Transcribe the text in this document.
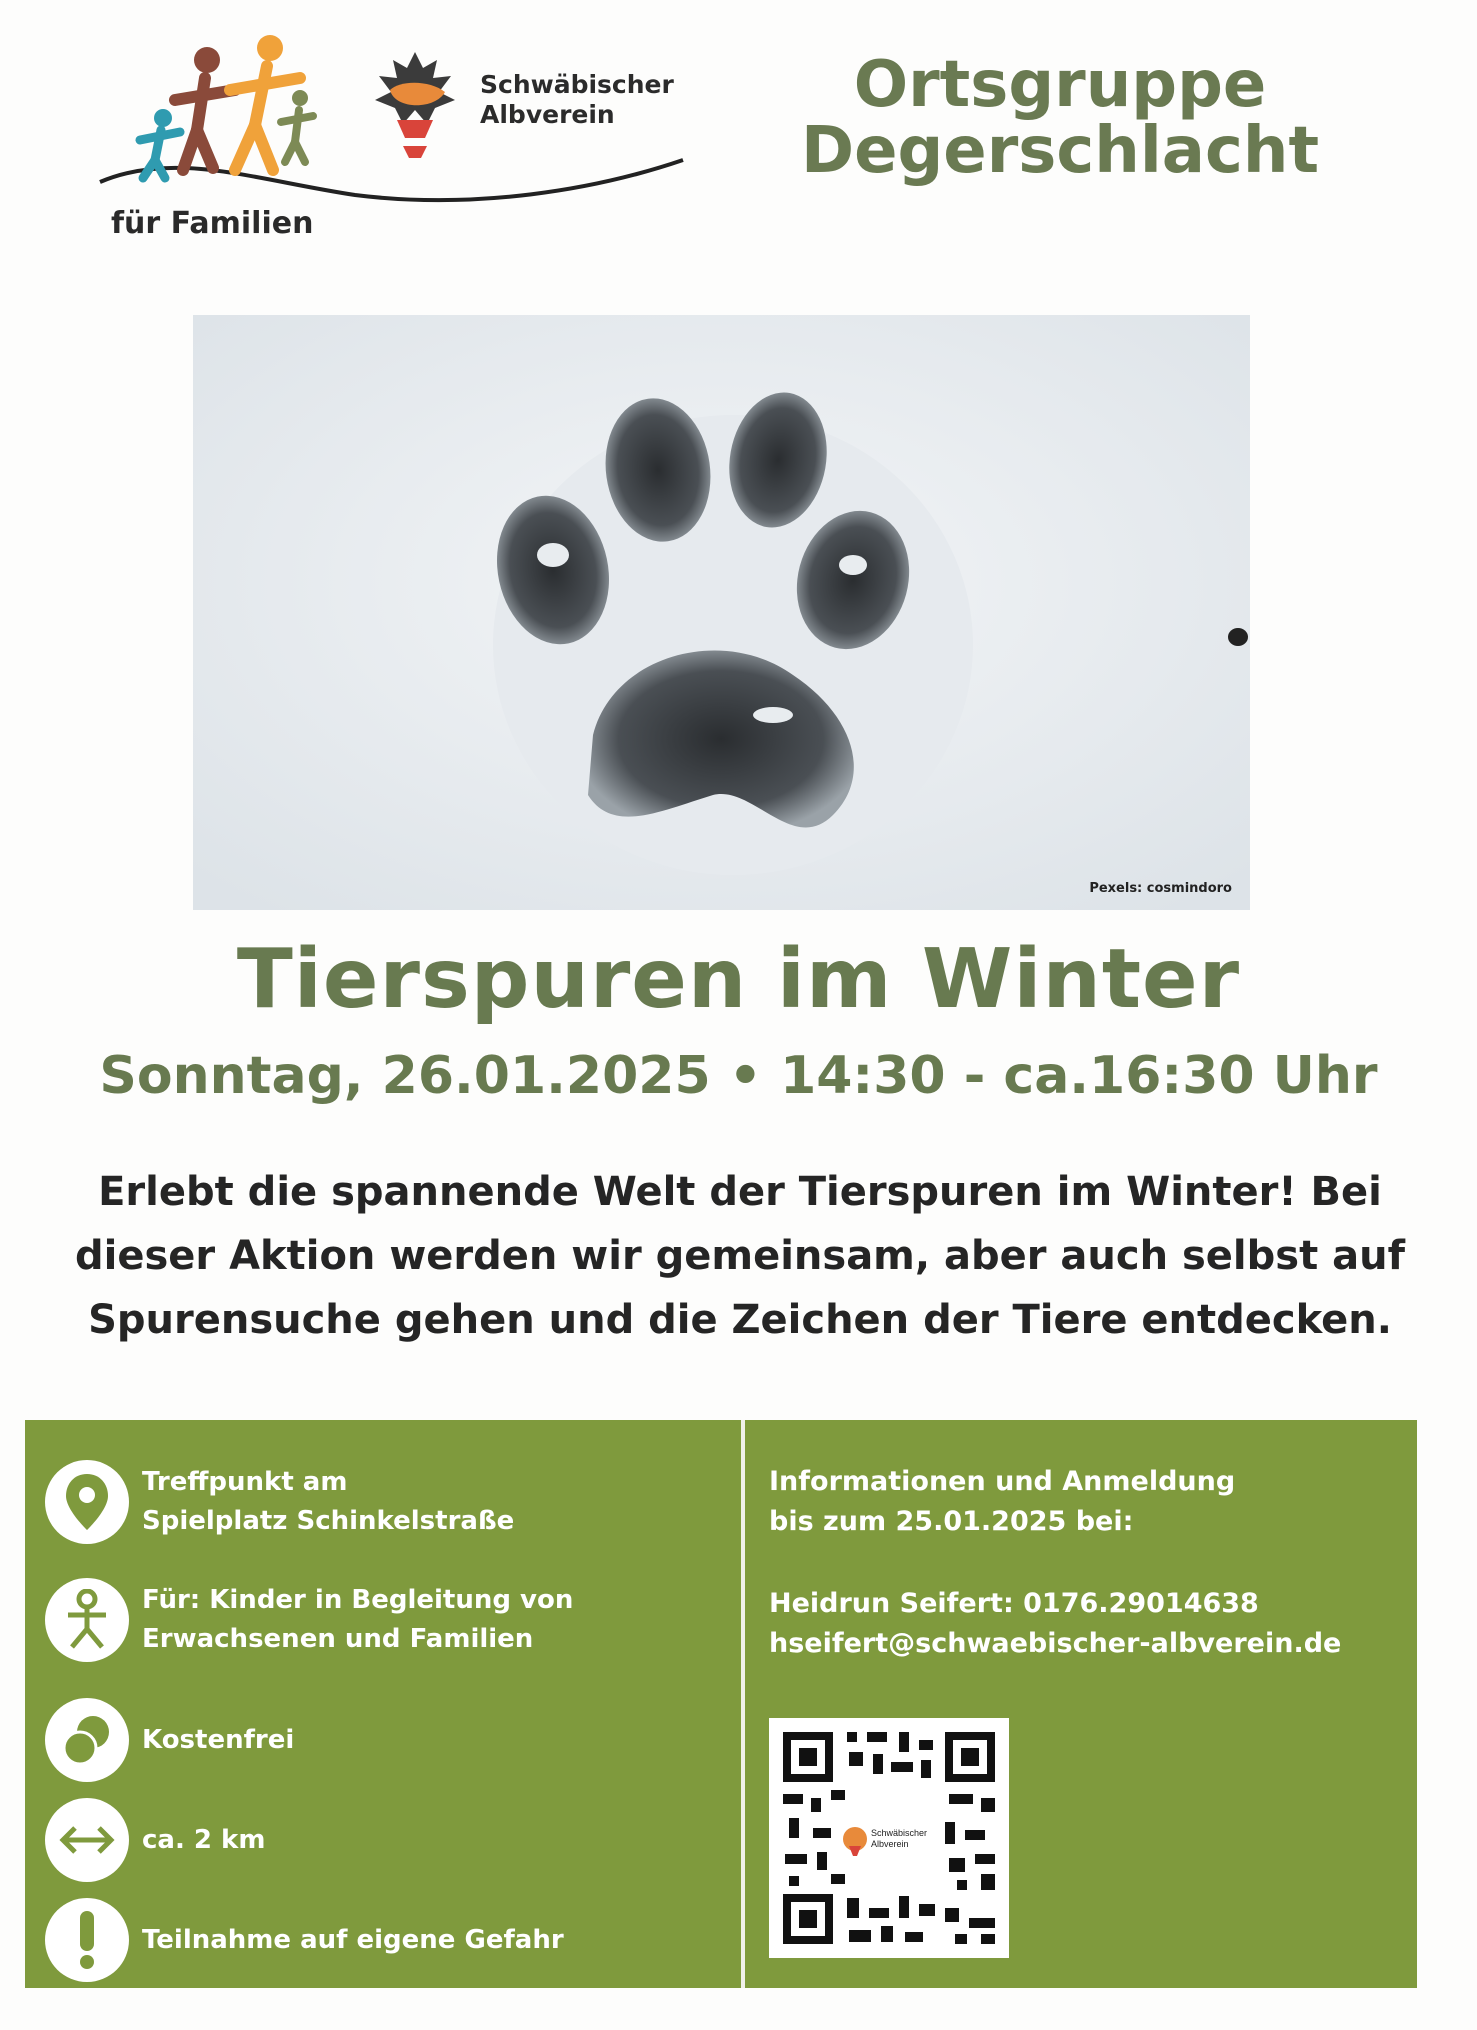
für Familien
Schwäbischer
Albverein	Ortsgruppe
Degerschlacht
Pexels: cosmindoro
Tierspuren im Winter
Sonntag, 26.01.2025 • 14:30 - ca.16:30 Uhr
Erlebt die spannende Welt der Tierspuren im Winter! Bei
dieser Aktion werden wir gemeinsam, aber auch selbst auf
Spurensuche gehen und die Zeichen der Tiere entdecken.
Treffpunkt am
Spielplatz Schinkelstraße
Für: Kinder in Begleitung von
Erwachsenen und Familien
Kostenfrei
ca. 2 km
Teilnahme auf eigene Gefahr
Informationen und Anmeldung
bis zum 25.01.2025 bei:
Heidrun Seifert: 0176.29014638
hseifert@schwaebischer-albverein.de
Schwäbischer
Albverein
